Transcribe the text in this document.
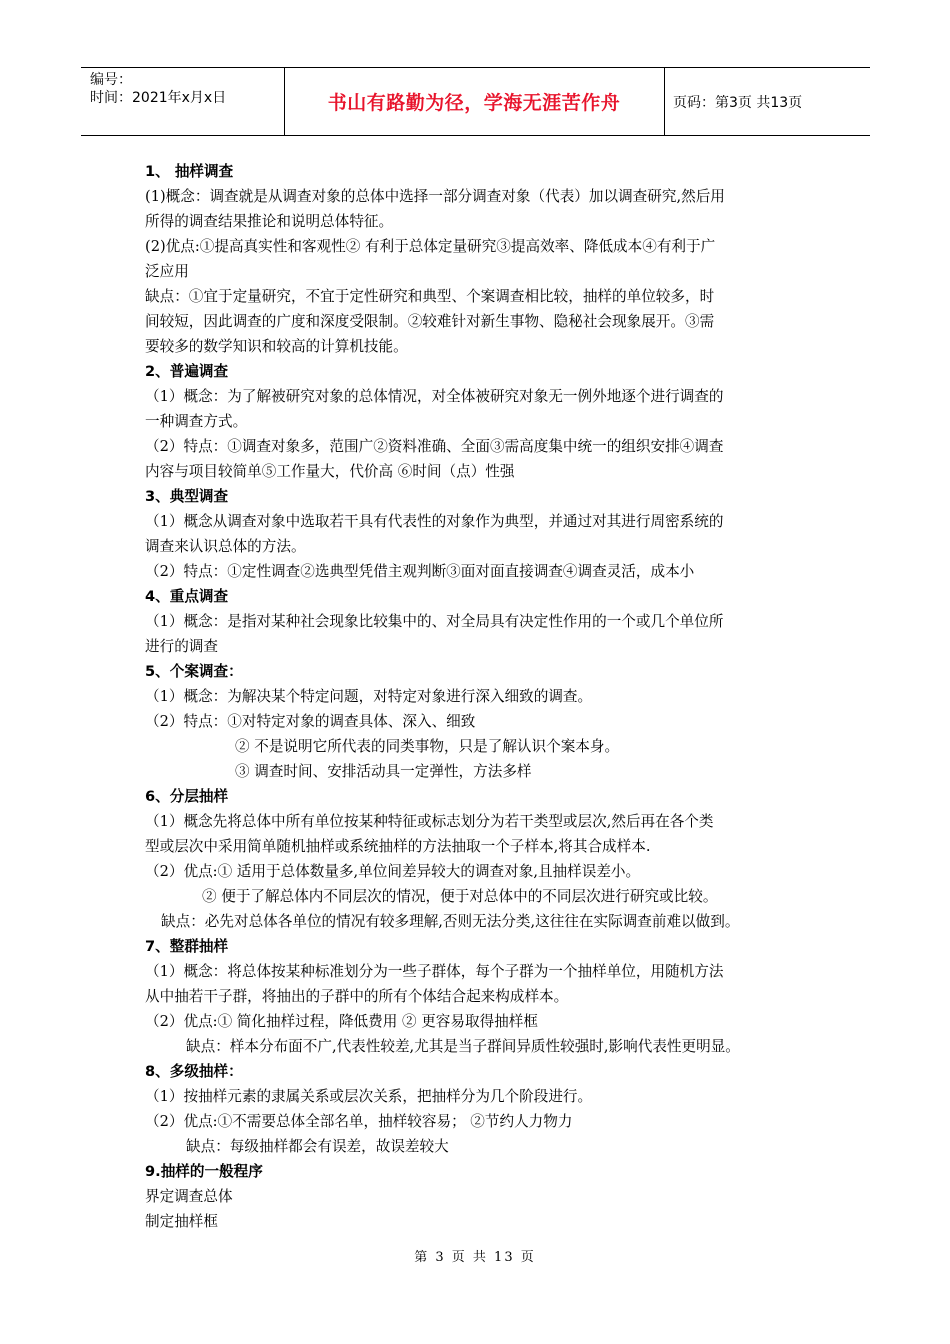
编号：
时间：2021年x月x日	书山有路勤为径，学海无涯苦作舟	页码：第3页 共13页
1、 抽样调查

(1)概念：调查就是从调查对象的总体中选择一部分调查对象（代表）加以调查研究,然后用

所得的调查结果推论和说明总体特征。

(2)优点:①提高真实性和客观性② 有利于总体定量研究③提高效率、降低成本④有利于广

泛应用

缺点：①宜于定量研究，不宜于定性研究和典型、个案调查相比较，抽样的单位较多，时

间较短，因此调查的广度和深度受限制。②较难针对新生事物、隐秘社会现象展开。③需

要较多的数学知识和较高的计算机技能。

2、普遍调查

（1）概念：为了解被研究对象的总体情况，对全体被研究对象无一例外地逐个进行调查的

一种调查方式。

（2）特点：①调查对象多，范围广②资料准确、全面③需高度集中统一的组织安排④调查

内容与项目较简单⑤工作量大，代价高 ⑥时间（点）性强

3、典型调查

（1）概念从调查对象中选取若干具有代表性的对象作为典型，并通过对其进行周密系统的

调查来认识总体的方法。

（2）特点：①定性调查②选典型凭借主观判断③面对面直接调查④调查灵活，成本小

4、重点调查

（1）概念：是指对某种社会现象比较集中的、对全局具有决定性作用的一个或几个单位所

进行的调查

5、个案调查：

（1）概念：为解决某个特定问题，对特定对象进行深入细致的调查。

（2）特点：①对特定对象的调查具体、深入、细致

② 不是说明它所代表的同类事物，只是了解认识个案本身。

③ 调查时间、安排活动具一定弹性，方法多样

6、分层抽样

（1）概念先将总体中所有单位按某种特征或标志划分为若干类型或层次,然后再在各个类

型或层次中采用简单随机抽样或系统抽样的方法抽取一个子样本,将其合成样本.

（2）优点:① 适用于总体数量多,单位间差异较大的调查对象,且抽样误差小。

② 便于了解总体内不同层次的情况，便于对总体中的不同层次进行研究或比较。

缺点：必先对总体各单位的情况有较多理解,否则无法分类,这往往在实际调查前难以做到。

7、整群抽样

（1）概念：将总体按某种标准划分为一些子群体，每个子群为一个抽样单位，用随机方法

从中抽若干子群，将抽出的子群中的所有个体结合起来构成样本。

（2）优点:① 简化抽样过程，降低费用 ② 更容易取得抽样框

缺点：样本分布面不广,代表性较差,尤其是当子群间异质性较强时,影响代表性更明显。

8、多级抽样：

（1）按抽样元素的隶属关系或层次关系，把抽样分为几个阶段进行。

（2）优点:①不需要总体全部名单，抽样较容易； ②节约人力物力

缺点：每级抽样都会有误差，故误差较大

9.抽样的一般程序

界定调查总体

制定抽样框

第 3 页 共 13 页
